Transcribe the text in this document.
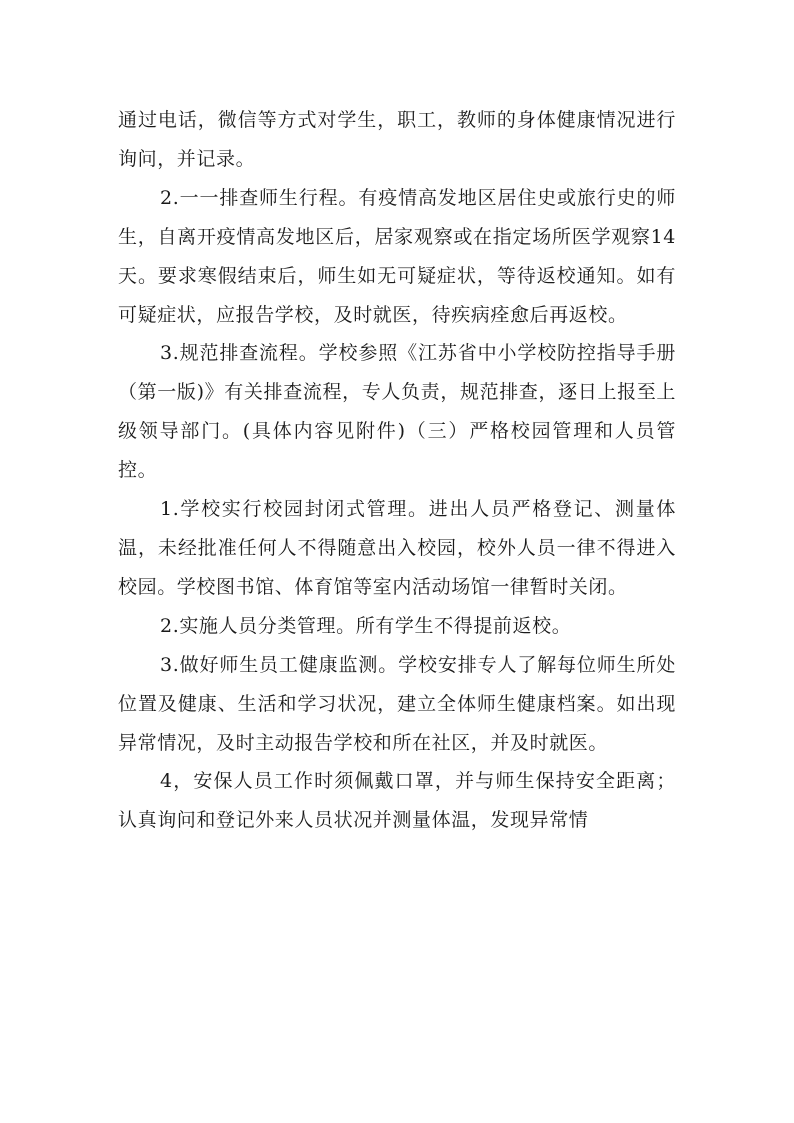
通过电话，微信等方式对学生，职工，教师的身体健康情况进行询问，并记录。

2.一一排查师生行程。有疫情高发地区居住史或旅行史的师生，自离开疫情高发地区后，居家观察或在指定场所医学观察14天。要求寒假结束后，师生如无可疑症状，等待返校通知。如有可疑症状，应报告学校，及时就医，待疾病痊愈后再返校。

3.规范排查流程。学校参照《江苏省中小学校防控指导手册（第一版)》有关排查流程，专人负责，规范排查，逐日上报至上级领导部门。(具体内容见附件)（三）严格校园管理和人员管控。

1.学校实行校园封闭式管理。进出人员严格登记、测量体温，未经批准任何人不得随意出入校园，校外人员一律不得进入校园。学校图书馆、体育馆等室内活动场馆一律暂时关闭。

2.实施人员分类管理。所有学生不得提前返校。

3.做好师生员工健康监测。学校安排专人了解每位师生所处位置及健康、生活和学习状况，建立全体师生健康档案。如出现异常情况，及时主动报告学校和所在社区，并及时就医。

4，安保人员工作时须佩戴口罩，并与师生保持安全距离；认真询问和登记外来人员状况并测量体温，发现异常情
